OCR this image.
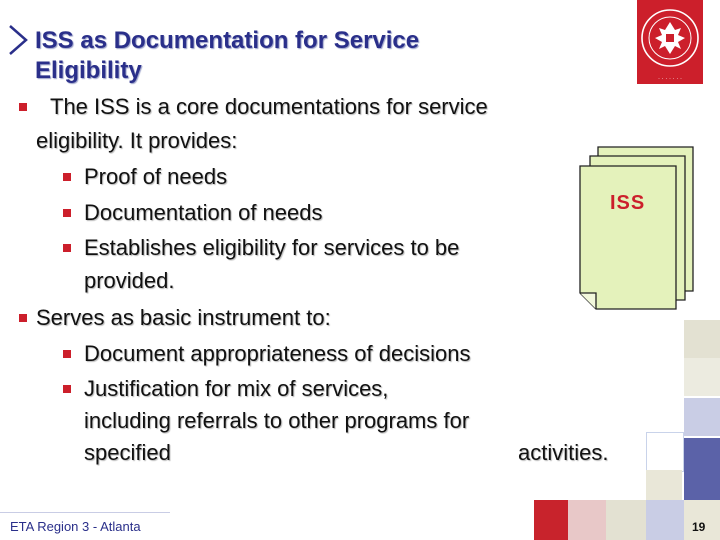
ISS as Documentation for Service
Eligibility	· · · · · · ·
The ISS is a core documentations for service
eligibility. It provides:
Proof of needs
Documentation of needs
Establishes eligibility for services to be
provided.
Serves as basic instrument to:
Document appropriateness of decisions
Justification for mix of services,
including referrals to other programs for
specified	activities.
ISS
ETA Region 3 - Atlanta	19
